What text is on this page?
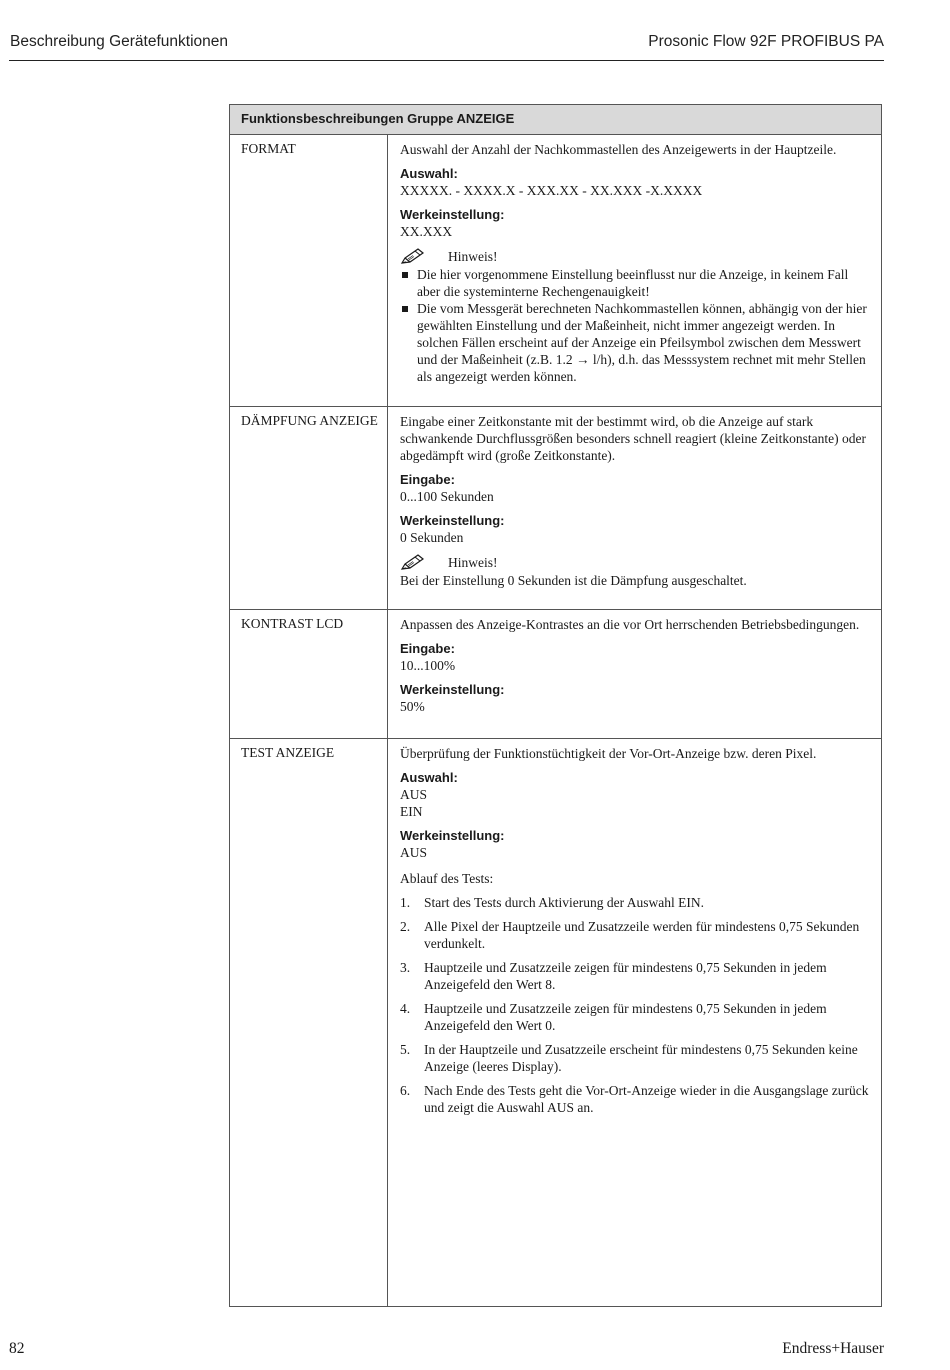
Beschreibung Gerätefunktionen	Prosonic Flow 92F PROFIBUS PA
Funktionsbeschreibungen Gruppe ANZEIGE
FORMAT	Auswahl der Anzahl der Nachkommastellen des Anzeigewerts in der Hauptzeile.

Auswahl:

XXXXX. - XXXX.X - XXX.XX - XX.XXX -X.XXXX

Werkeinstellung:

XX.XXX

Hinweis!
Die hier vorgenommene Einstellung beeinflusst nur die Anzeige, in keinem Fall aber die systeminterne Rechengenauigkeit!
Die vom Messgerät berechneten Nachkommastellen können, abhängig von der hier gewählten Einstellung und der Maßeinheit, nicht immer angezeigt werden. In solchen Fällen erscheint auf der Anzeige ein Pfeilsymbol zwischen dem Messwert und der Maßeinheit (z.B. 1.2 → l/h), d.h. das Messsystem rechnet mit mehr Stellen als angezeigt werden können.
DÄMPFUNG ANZEIGE	Eingabe einer Zeitkonstante mit der bestimmt wird, ob die Anzeige auf stark schwankende Durchflussgrößen besonders schnell reagiert (kleine Zeitkonstante) oder abgedämpft wird (große Zeitkonstante).

Eingabe:

0...100 Sekunden

Werkeinstellung:

0 Sekunden

Hinweis!

Bei der Einstellung 0 Sekunden ist die Dämpfung ausgeschaltet.

KONTRAST LCD	Anpassen des Anzeige-Kontrastes an die vor Ort herrschenden Betriebsbedingungen.

Eingabe:

10...100%

Werkeinstellung:

50%

TEST ANZEIGE	Überprüfung der Funktionstüchtigkeit der Vor-Ort-Anzeige bzw. deren Pixel.

Auswahl:

AUS

EIN

Werkeinstellung:

AUS

Ablauf des Tests:

1.	Start des Tests durch Aktivierung der Auswahl EIN.
2.	Alle Pixel der Hauptzeile und Zusatzzeile werden für mindestens 0,75 Sekunden verdunkelt.
3.	Hauptzeile und Zusatzzeile zeigen für mindestens 0,75 Sekunden in jedem Anzeigefeld den Wert 8.
4.	Hauptzeile und Zusatzzeile zeigen für mindestens 0,75 Sekunden in jedem Anzeigefeld den Wert 0.
5.	In der Hauptzeile und Zusatzzeile erscheint für mindestens 0,75 Sekunden keine Anzeige (leeres Display).
6.	Nach Ende des Tests geht die Vor-Ort-Anzeige wieder in die Ausgangslage zurück und zeigt die Auswahl AUS an.
82	Endress+Hauser
